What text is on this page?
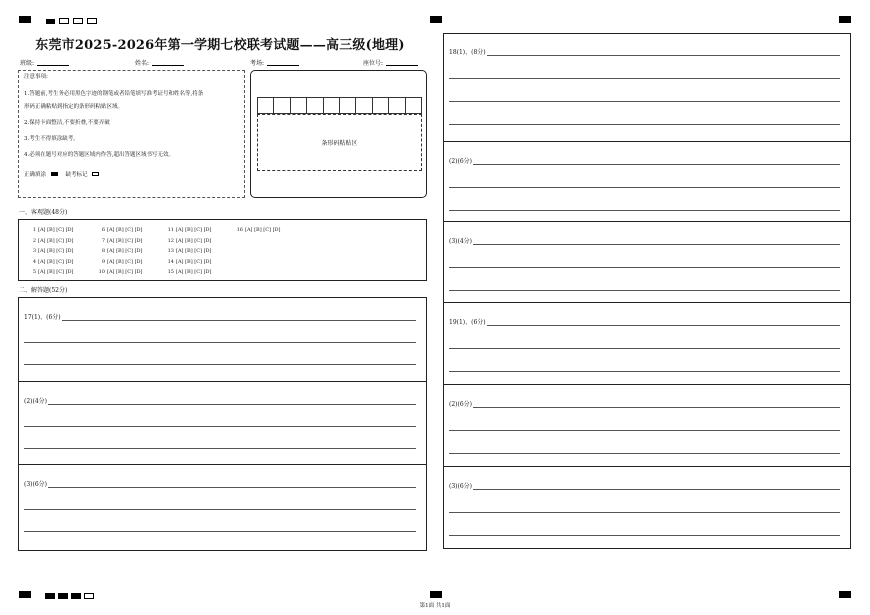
东莞市2025-2026年第一学期七校联考试题——高三级(地理)
班级:	姓名:	考场:	座位号:

注意事项:

1.答题前,考生务必用黑色字迹的钢笔或者铅笔填写准考证号和姓名等,将条

形码正确粘贴到指定的条形码粘贴区域。

2.保持卡面整洁,不要折叠,不要弄破

3.考生不得填涂缺考。

4.必须在题号对应的答题区域内作答,超出答题区域书写无效。

正确填涂	缺考标记

条形码粘贴区
一、客观题(48分)
1 [A] [B] [C] [D]	6 [A] [B] [C] [D]	11 [A] [B] [C] [D]	16 [A] [B] [C] [D]
2 [A] [B] [C] [D]	7 [A] [B] [C] [D]	12 [A] [B] [C] [D]
3 [A] [B] [C] [D]	8 [A] [B] [C] [D]	13 [A] [B] [C] [D]
4 [A] [B] [C] [D]	9 [A] [B] [C] [D]	14 [A] [B] [C] [D]
5 [A] [B] [C] [D]	10 [A] [B] [C] [D]	15 [A] [B] [C] [D]
二、解答题(52分)
17(1)、(6分)
(2)(4分)
(3)(6分)
18(1)、(8分)
(2)(6分)
(3)(4分)
19(1)、(6分)
(2)(6分)
(3)(6分)
第1面 共1面
